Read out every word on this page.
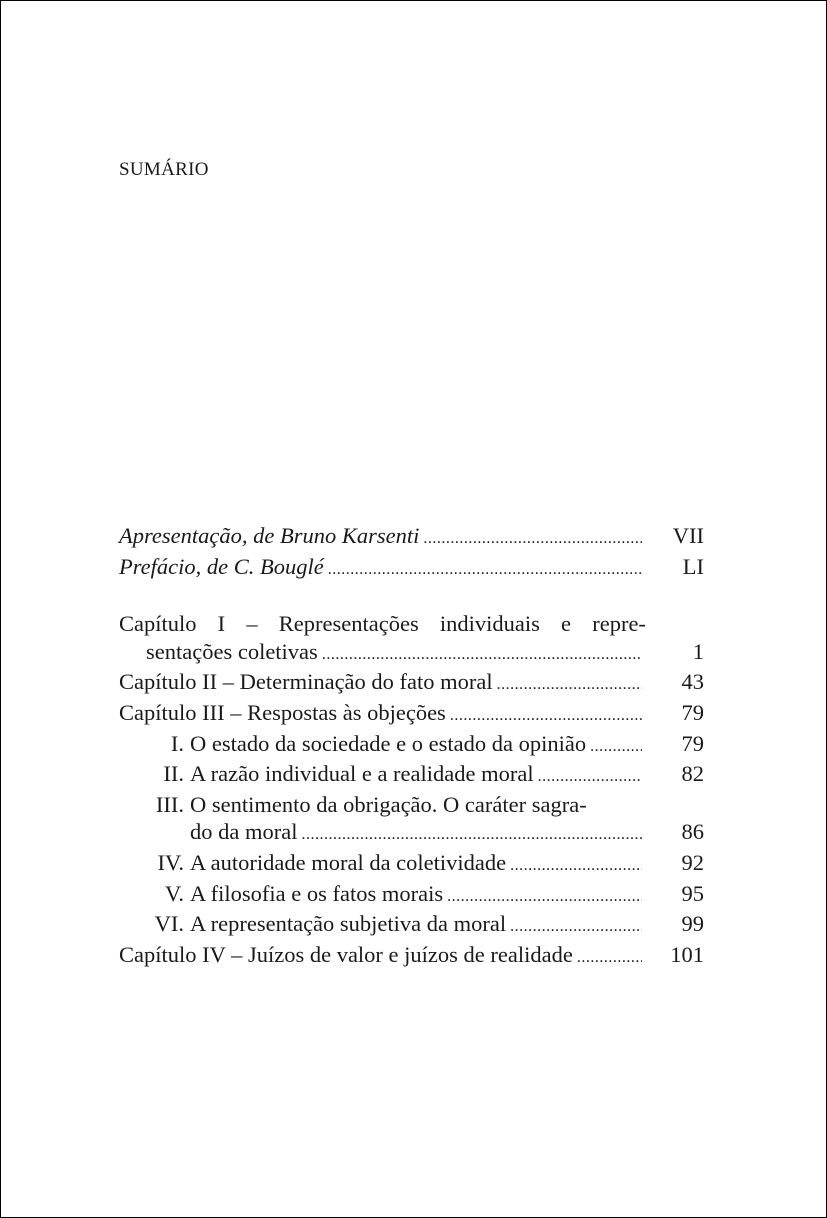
SUMÁRIO
Apresentação, de Bruno Karsenti .....	VII
Prefácio, de C. Bouglé .....	LI
Capítulo I – Representações individuais e repre-
sentações coletivas .....	1
Capítulo II – Determinação do fato moral .....	43
Capítulo III – Respostas às objeções .....	79
I. O estado da sociedade e o estado da opinião .....	79
II. A razão individual e a realidade moral .....	82
III. O sentimento da obrigação. O caráter sagra-
do da moral .....	86
IV. A autoridade moral da coletividade .....	92
V. A filosofia e os fatos morais .....	95
VI. A representação subjetiva da moral .....	99
Capítulo IV – Juízos de valor e juízos de realidade .....	101
